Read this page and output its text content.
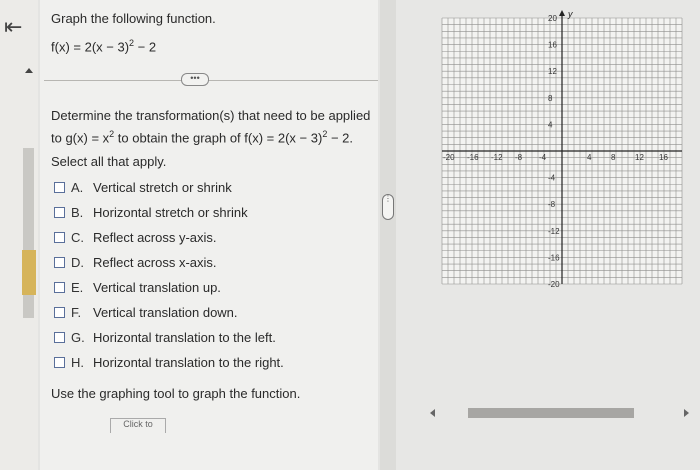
⇤ Graph the following function.
$f(x) = 2(x - 3)^2 - 2$
•••
Determine the transformation(s) that need to be applied
to $g(x) = x^2$ to obtain the graph of $f(x) = 2(x - 3)^2 - 2$.
Select all that apply.
A. Vertical stretch or shrink
B. Horizontal stretch or shrink
C. Reflect across y-axis.
D. Reflect across x-axis.
E. Vertical translation up.
F. Vertical translation down.
G. Horizontal translation to the left.
H. Horizontal translation to the right.
Use the graphing tool to graph the function.
Click to
⋮
y
-20 -16 -12 -8 -4	4 8 12 16
20
16
12
8
4
-4
-8
-12
-16
-20
